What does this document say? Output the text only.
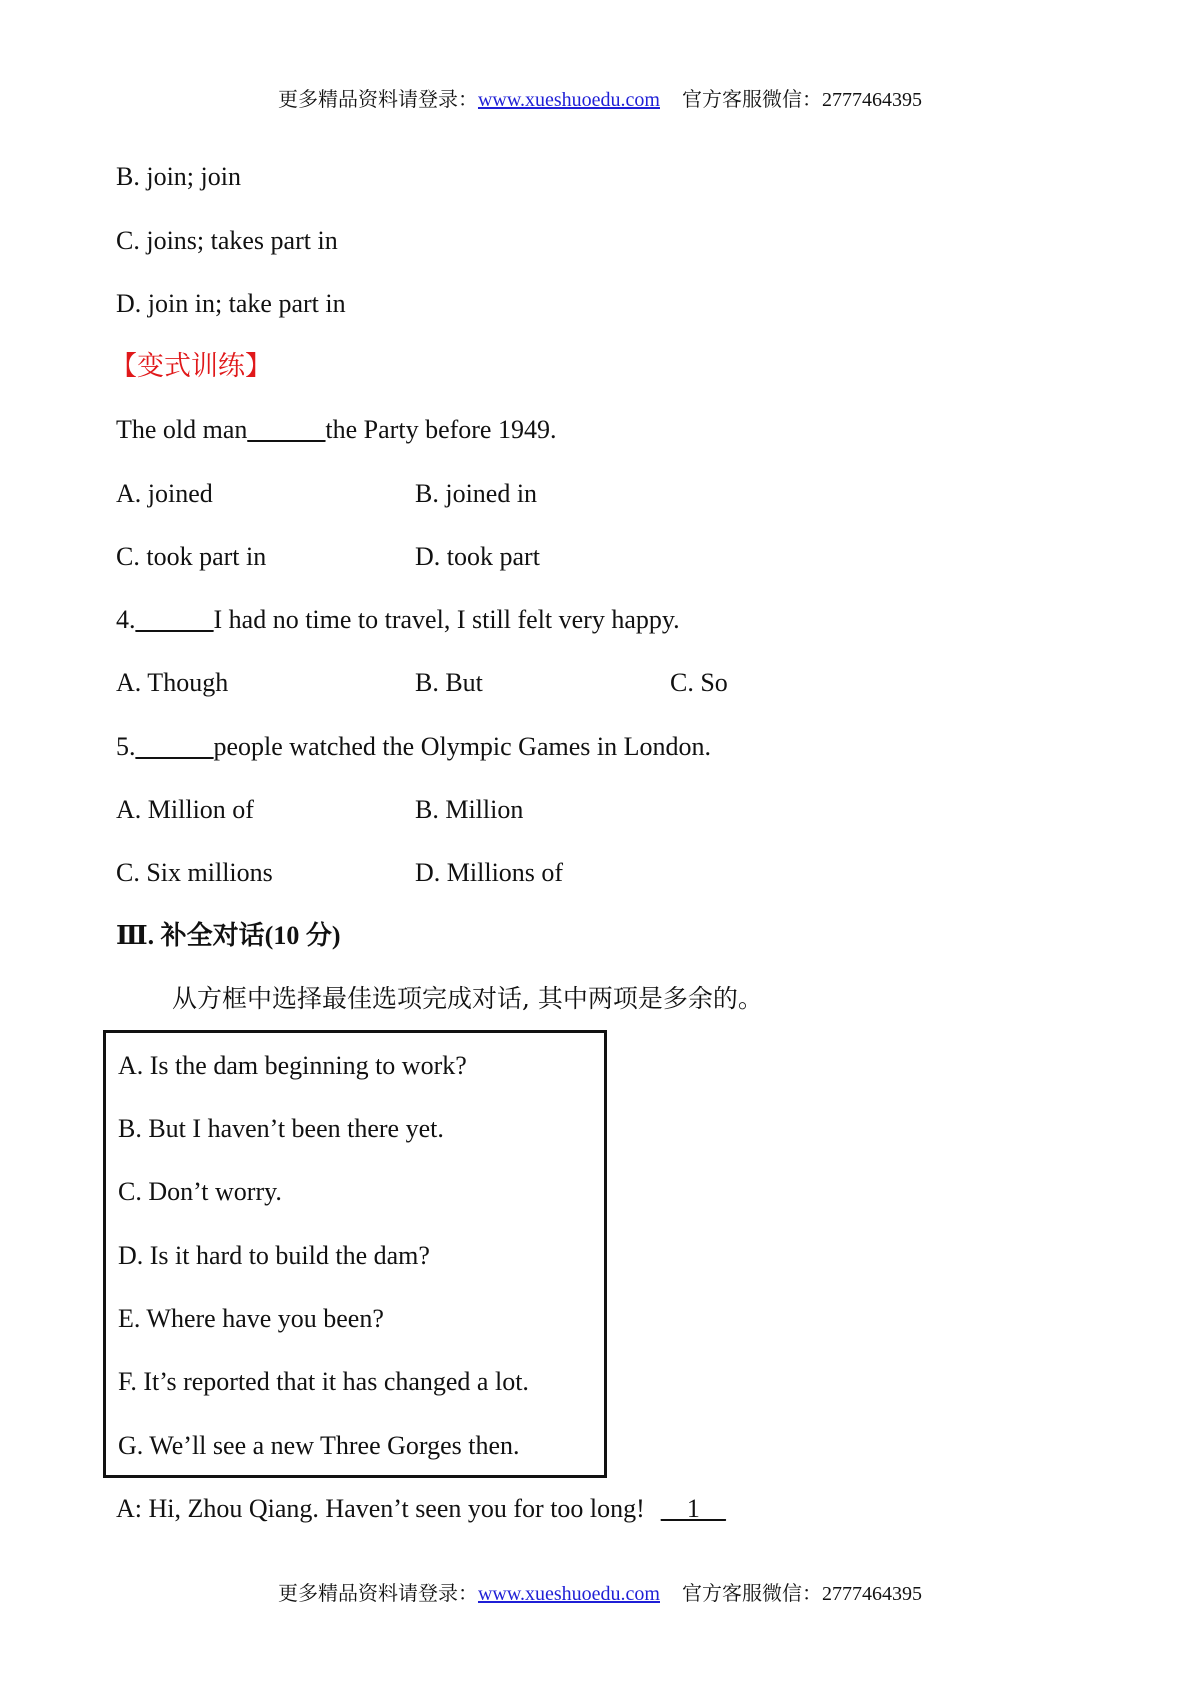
更多精品资料请登录：www.xueshuoedu.com 官方客服微信：2777464395
B. join; join
C. joins; takes part in
D. join in; take part in
【变式训练】
The old man______the Party before 1949.
A. joined	B. joined in
C. took part in	D. took part
4.______I had no time to travel, I still felt very happy.
A. Though	B. But	C. So
5.______people watched the Olympic Games in London.
A. Million of	B. Million
C. Six millions	D. Millions of
Ⅲ. 补全对话(10 分)
从方框中选择最佳选项完成对话, 其中两项是多余的。
A. Is the dam beginning to work?
B. But I haven’t been there yet.
C. Don’t worry.
D. Is it hard to build the dam?
E. Where have you been?
F. It’s reported that it has changed a lot.
G. We’ll see a new Three Gorges then.
A: Hi, Zhou Qiang. Haven’t seen you for too long! __1__
更多精品资料请登录：www.xueshuoedu.com 官方客服微信：2777464395
